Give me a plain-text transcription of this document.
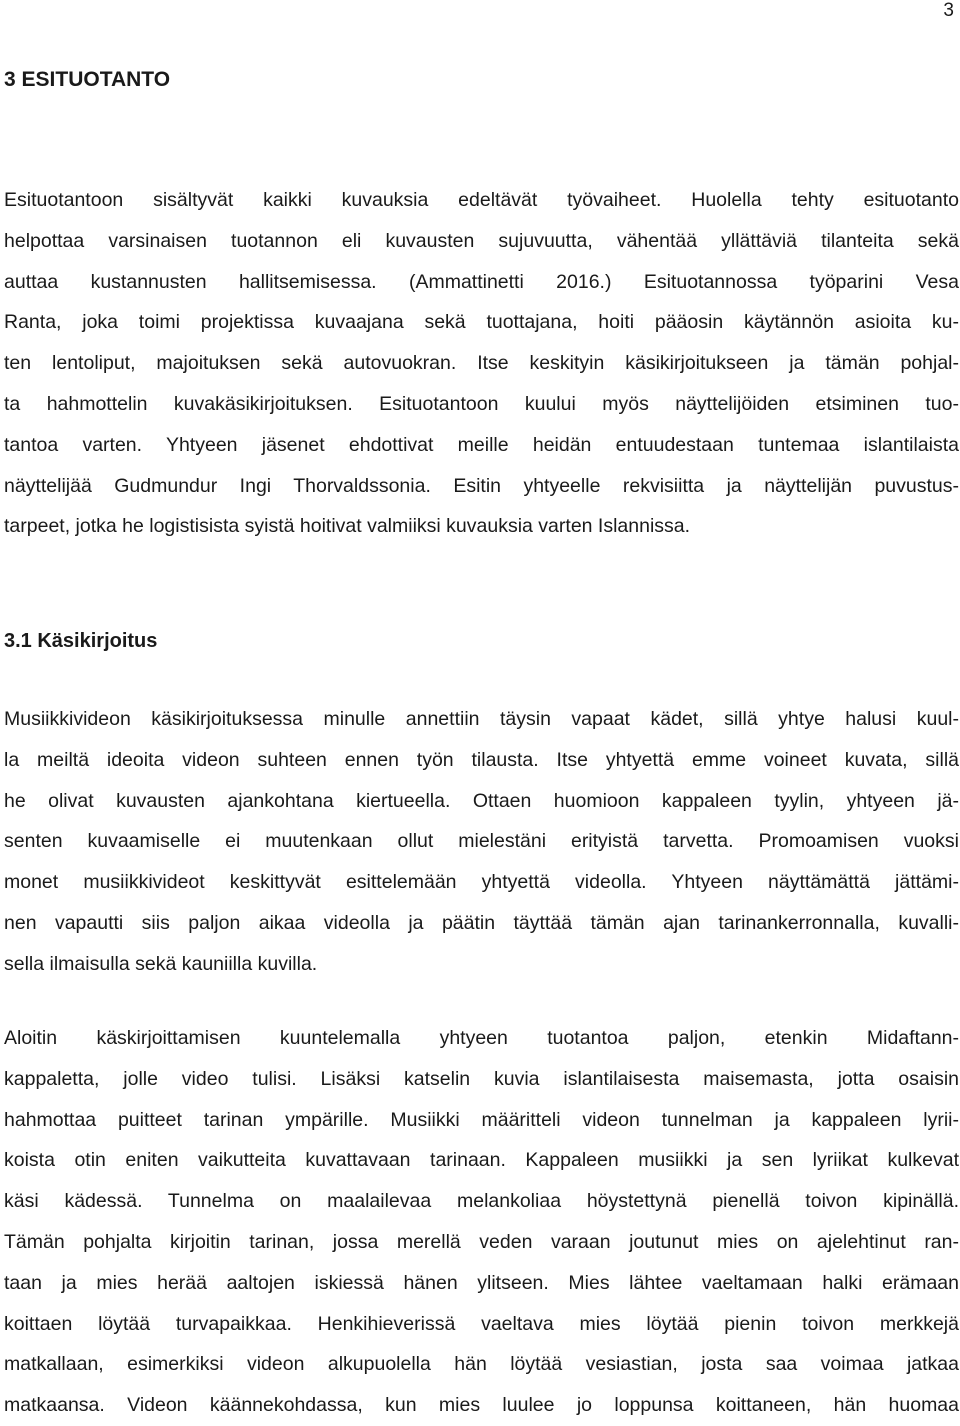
3
3 ESITUOTANTO
Esituotantoon sisältyvät kaikki kuvauksia edeltävät työvaiheet. Huolella tehty esituotanto
helpottaa varsinaisen tuotannon eli kuvausten sujuvuutta, vähentää yllättäviä tilanteita sekä
auttaa kustannusten hallitsemisessa. (Ammattinetti 2016.) Esituotannossa työparini Vesa
Ranta, joka toimi projektissa kuvaajana sekä tuottajana, hoiti pääosin käytännön asioita ku-
ten lentoliput, majoituksen sekä autovuokran. Itse keskityin käsikirjoitukseen ja tämän pohjal-
ta hahmottelin kuvakäsikirjoituksen. Esituotantoon kuului myös näyttelijöiden etsiminen tuo-
tantoa varten. Yhtyeen jäsenet ehdottivat meille heidän entuudestaan tuntemaa islantilaista
näyttelijää Gudmundur Ingi Thorvaldssonia. Esitin yhtyeelle rekvisiitta ja näyttelijän puvustus-
tarpeet, jotka he logistisista syistä hoitivat valmiiksi kuvauksia varten Islannissa.
3.1 Käsikirjoitus
Musiikkivideon käsikirjoituksessa minulle annettiin täysin vapaat kädet, sillä yhtye halusi kuul-
la meiltä ideoita videon suhteen ennen työn tilausta. Itse yhtyettä emme voineet kuvata, sillä
he olivat kuvausten ajankohtana kiertueella. Ottaen huomioon kappaleen tyylin, yhtyeen jä-
senten kuvaamiselle ei muutenkaan ollut mielestäni erityistä tarvetta. Promoamisen vuoksi
monet musiikkivideot keskittyvät esittelemään yhtyettä videolla. Yhtyeen näyttämättä jättämi-
nen vapautti siis paljon aikaa videolla ja päätin täyttää tämän ajan tarinankerronnalla, kuvalli-
sella ilmaisulla sekä kauniilla kuvilla.
Aloitin käskirjoittamisen kuuntelemalla yhtyeen tuotantoa paljon, etenkin Midaftann-
kappaletta, jolle video tulisi. Lisäksi katselin kuvia islantilaisesta maisemasta, jotta osaisin
hahmottaa puitteet tarinan ympärille. Musiikki määritteli videon tunnelman ja kappaleen lyrii-
koista otin eniten vaikutteita kuvattavaan tarinaan. Kappaleen musiikki ja sen lyriikat kulkevat
käsi kädessä. Tunnelma on maalailevaa melankoliaa höystettynä pienellä toivon kipinällä.
Tämän pohjalta kirjoitin tarinan, jossa merellä veden varaan joutunut mies on ajelehtinut ran-
taan ja mies herää aaltojen iskiessä hänen ylitseen. Mies lähtee vaeltamaan halki erämaan
koittaen löytää turvapaikkaa. Henkihieverissä vaeltava mies löytää pienin toivon merkkejä
matkallaan, esimerkiksi videon alkupuolella hän löytää vesiastian, josta saa voimaa jatkaa
matkaansa. Videon käännekohdassa, kun mies luulee jo loppunsa koittaneen, hän huomaa
